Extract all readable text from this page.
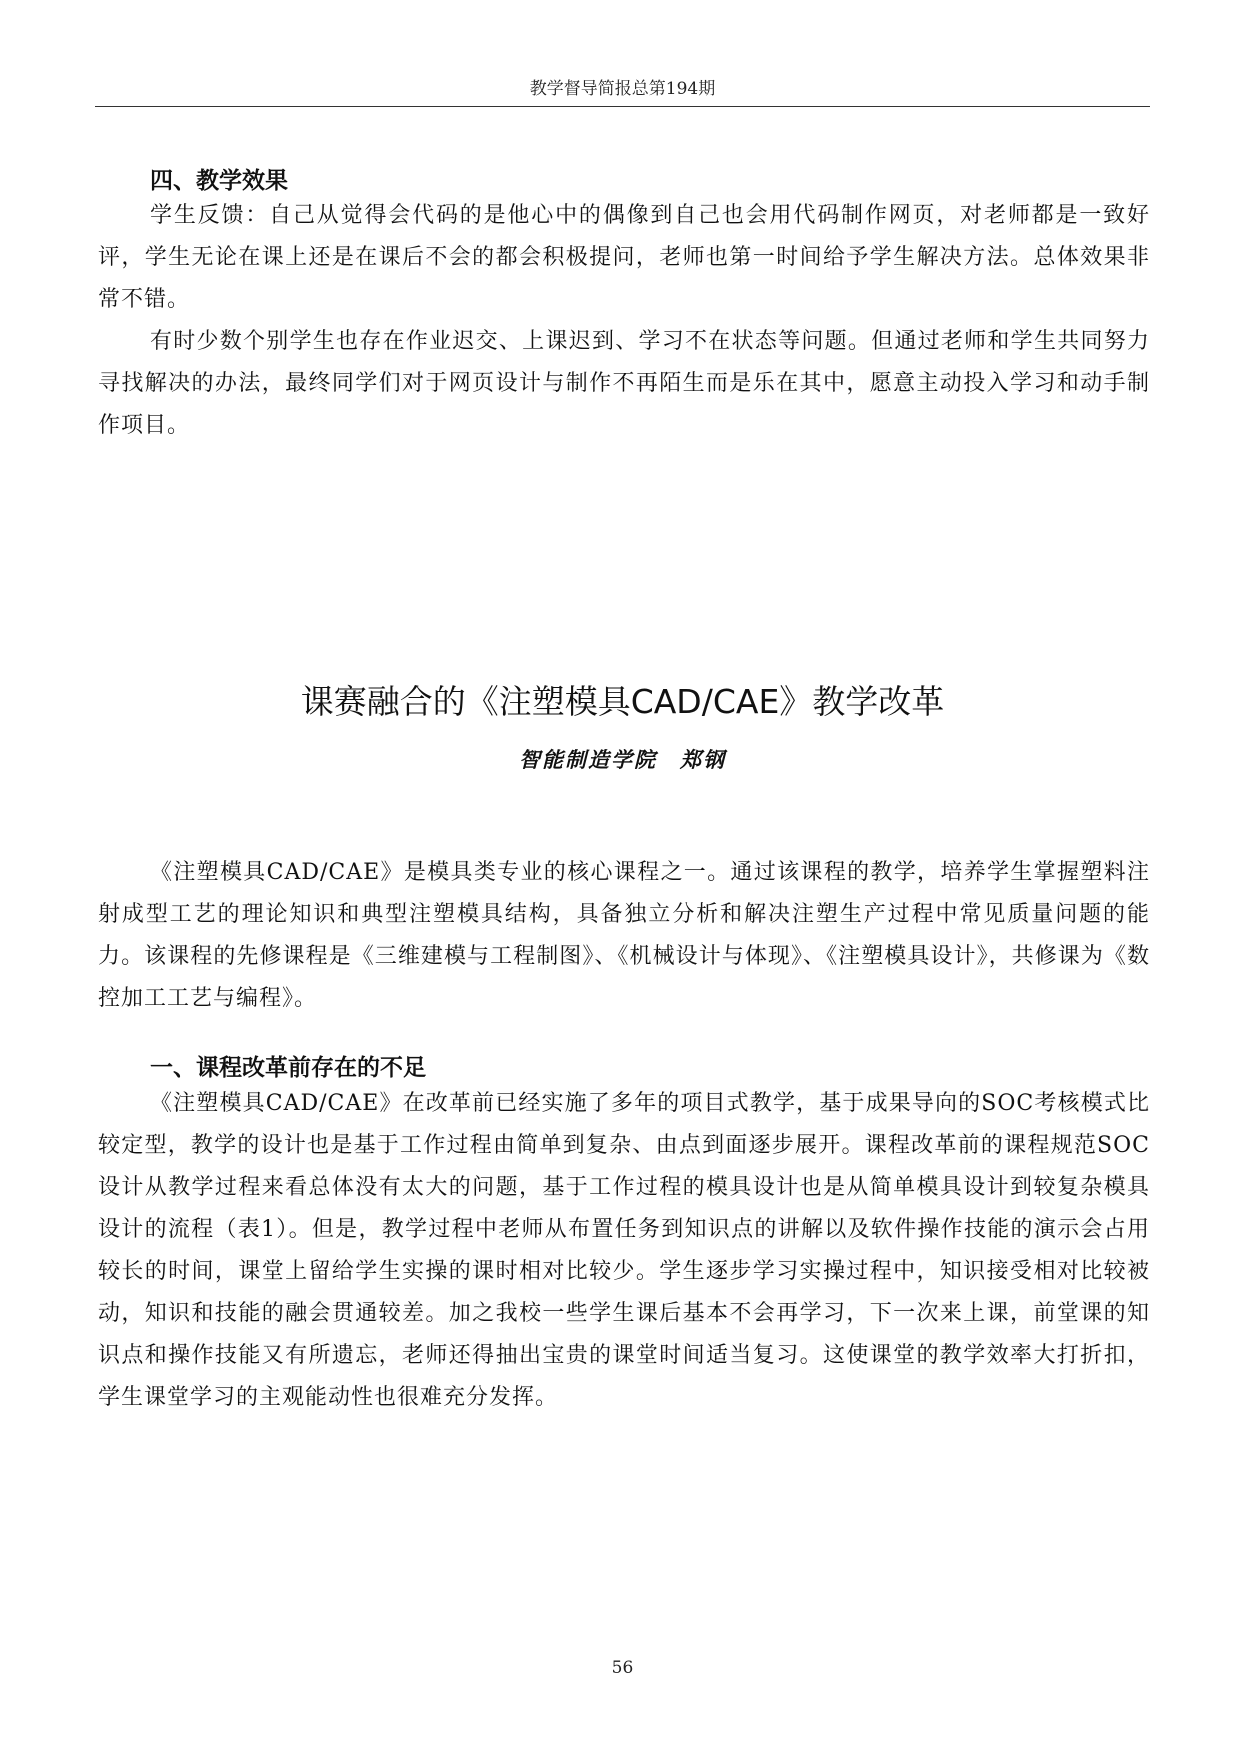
教学督导简报总第194期
四、教学效果
学生反馈：自己从觉得会代码的是他心中的偶像到自己也会用代码制作网页，对老师都是一致好评，学生无论在课上还是在课后不会的都会积极提问，老师也第一时间给予学生解决方法。总体效果非常不错。
有时少数个别学生也存在作业迟交、上课迟到、学习不在状态等问题。但通过老师和学生共同努力寻找解决的办法，最终同学们对于网页设计与制作不再陌生而是乐在其中，愿意主动投入学习和动手制作项目。
课赛融合的《注塑模具CAD/CAE》教学改革
智能制造学院　郑钢
《注塑模具CAD/CAE》是模具类专业的核心课程之一。通过该课程的教学，培养学生掌握塑料注射成型工艺的理论知识和典型注塑模具结构，具备独立分析和解决注塑生产过程中常见质量问题的能力。该课程的先修课程是《三维建模与工程制图》、《机械设计与体现》、《注塑模具设计》，共修课为《数控加工工艺与编程》。
一、课程改革前存在的不足
《注塑模具CAD/CAE》在改革前已经实施了多年的项目式教学，基于成果导向的SOC考核模式比较定型，教学的设计也是基于工作过程由简单到复杂、由点到面逐步展开。课程改革前的课程规范SOC设计从教学过程来看总体没有太大的问题，基于工作过程的模具设计也是从简单模具设计到较复杂模具设计的流程（表1）。但是，教学过程中老师从布置任务到知识点的讲解以及软件操作技能的演示会占用较长的时间，课堂上留给学生实操的课时相对比较少。学生逐步学习实操过程中，知识接受相对比较被动，知识和技能的融会贯通较差。加之我校一些学生课后基本不会再学习，下一次来上课，前堂课的知识点和操作技能又有所遗忘，老师还得抽出宝贵的课堂时间适当复习。这使课堂的教学效率大打折扣，学生课堂学习的主观能动性也很难充分发挥。
56
